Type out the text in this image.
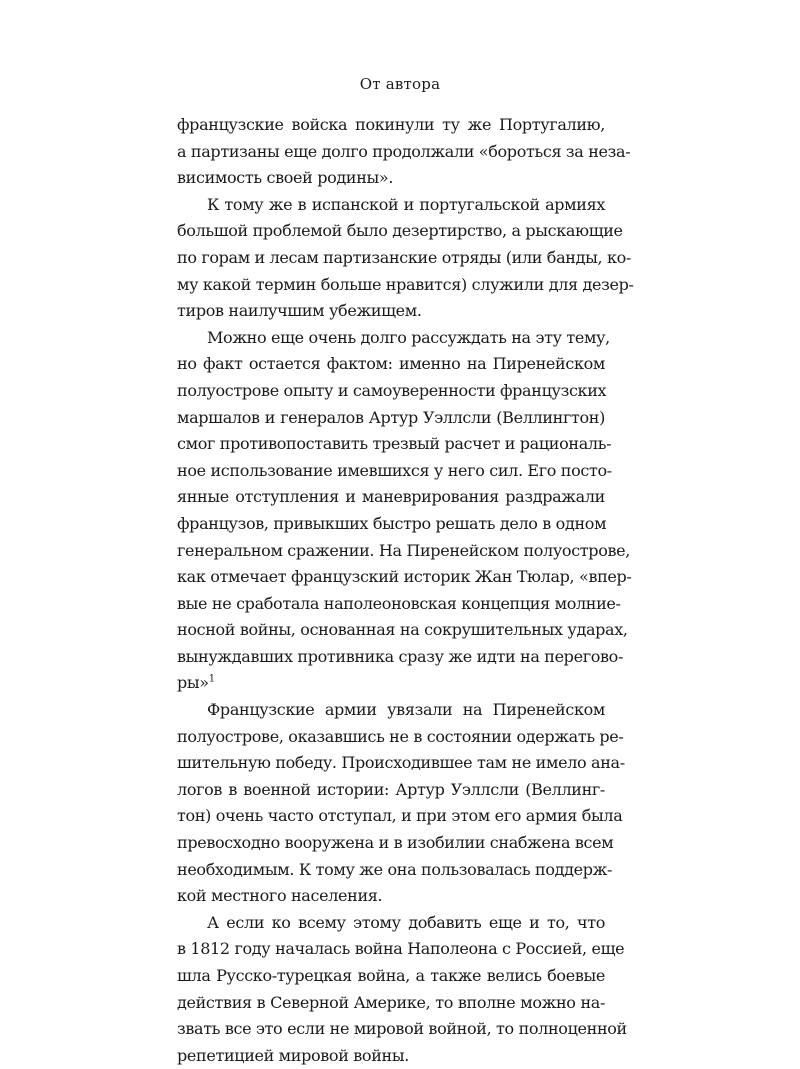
От автора
французские войска покинули ту же Португалию,
а партизаны еще долго продолжали «бороться за неза-
висимость своей родины».
К тому же в испанской и португальской армиях
большой проблемой было дезертирство, а рыскающие
по горам и лесам партизанские отряды (или банды, ко-
му какой термин больше нравится) служили для дезер-
тиров наилучшим убежищем.
Можно еще очень долго рассуждать на эту тему,
но факт остается фактом: именно на Пиренейском
полуострове опыту и самоуверенности французских
маршалов и генералов Артур Уэллсли (Веллингтон)
смог противопоставить трезвый расчет и рациональ-
ное использование имевшихся у него сил. Его посто-
янные отступления и маневрирования раздражали
французов, привыкших быстро решать дело в одном
генеральном сражении. На Пиренейском полуострове,
как отмечает французский историк Жан Тюлар, «впер-
вые не сработала наполеоновская концепция молние-
носной войны, основанная на сокрушительных ударах,
вынуждавших противника сразу же идти на перегово-
ры»$^1$
Французские армии увязали на Пиренейском
полуострове, оказавшись не в состоянии одержать ре-
шительную победу. Происходившее там не имело ана-
логов в военной истории: Артур Уэллсли (Веллинг-
тон) очень часто отступал, и при этом его армия была
превосходно вооружена и в изобилии снабжена всем
необходимым. К тому же она пользовалась поддерж-
кой местного населения.
А если ко всему этому добавить еще и то, что
в 1812 году началась война Наполеона с Россией, еще
шла Русско-турецкая война, а также велись боевые
действия в Северной Америке, то вполне можно на-
звать все это если не мировой войной, то полноценной
репетицией мировой войны.
